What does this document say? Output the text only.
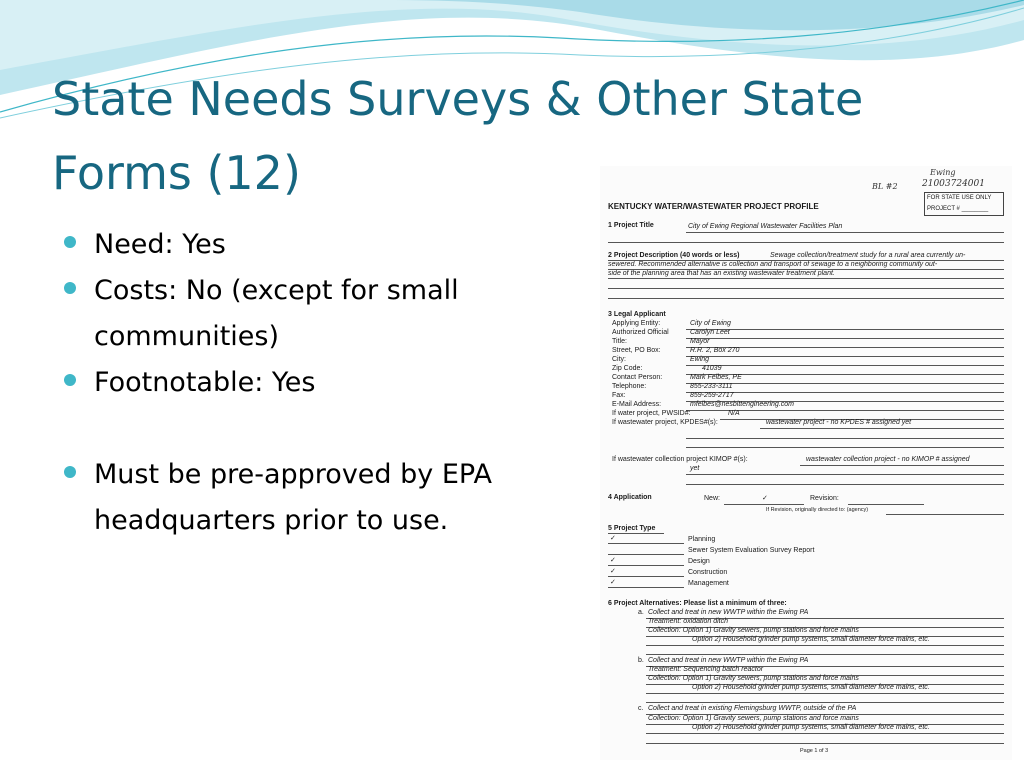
State Needs Surveys & Other State
Forms (12)
Need: Yes
Costs: No (except for small communities)
Footnotable: Yes
Must be pre-approved by EPA headquarters prior to use.
Ewing
BL #2	21003724001
FOR STATE USE ONLY
PROJECT # ________
KENTUCKY WATER/WASTEWATER PROJECT PROFILE
1 Project Title	City of Ewing Regional Wastewater Facilities Plan
2 Project Description (40 words or less)	Sewage collection/treatment study for a rural area currently un-
sewered. Recommended alternative is collection and transport of sewage to a neighboring community out-
side of the planning area that has an existing wastewater treatment plant.
3 Legal Applicant
Applying Entity:	City of Ewing
Authorized Official	Carolyn Leet
Title:	Mayor
Street, PO Box:	R.R. 2, Box 270
City:	Ewing
Zip Code:	41039
Contact Person:	Mark Felbes, PE
Telephone:	855-233-3111
Fax:	859-259-2717
E-Mail Address:	mfelbes@nesbittengineering.com
If water project, PWSID#:	N/A
If wastewater project, KPDES#(s):	wastewater project - no KPDES # assigned yet
If wastewater collection project KIMOP #(s):	wastewater collection project - no KIMOP # assigned
yet
4 Application	New:	✓	Revision:
If Revision, originally directed to: (agency)
5 Project Type
✓	Planning
Sewer System Evaluation Survey Report
✓	Design
✓	Construction
✓	Management
6 Project Alternatives: Please list a minimum of three:
a. Collect and treat in new WWTP within the Ewing PA
Treatment: oxidation ditch
Collection: Option 1) Gravity sewers, pump stations and force mains
Option 2) Household grinder pump systems, small diameter force mains, etc.
b. Collect and treat in new WWTP within the Ewing PA
Treatment: Sequencing batch reactor
Collection: Option 1) Gravity sewers, pump stations and force mains
Option 2) Household grinder pump systems, small diameter force mains, etc.
c. Collect and treat in existing Flemingsburg WWTP, outside of the PA
Collection: Option 1) Gravity sewers, pump stations and force mains
Option 2) Household grinder pump systems, small diameter force mains, etc.
Page 1 of 3
